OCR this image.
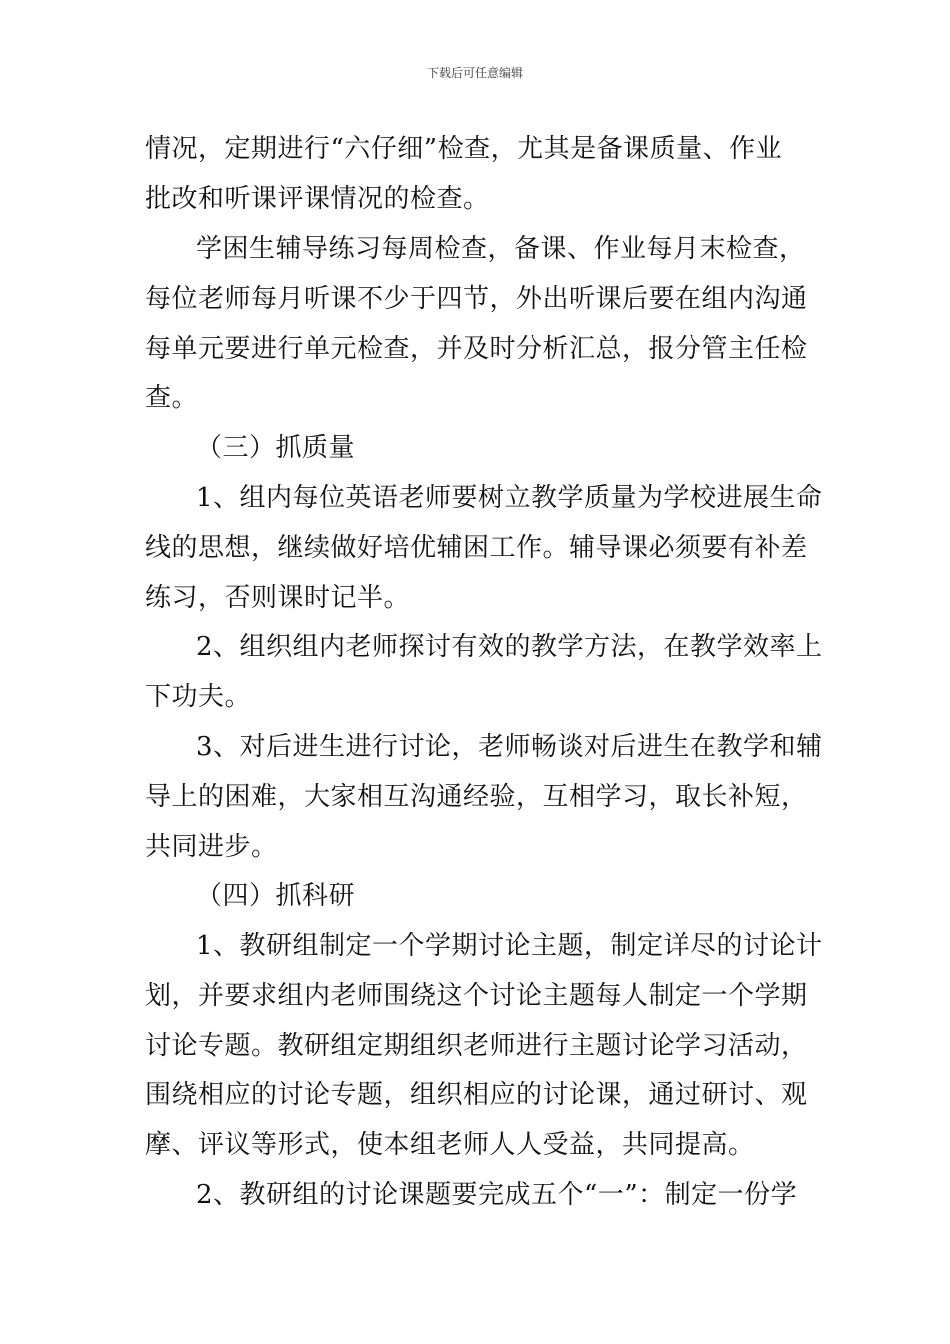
下载后可任意编辑
情况，定期进行“六仔细”检查，尤其是备课质量、作业
批改和听课评课情况的检查。
学困生辅导练习每周检查，备课、作业每月末检查，
每位老师每月听课不少于四节，外出听课后要在组内沟通
每单元要进行单元检查，并及时分析汇总，报分管主任检
查。
（三）抓质量
1、组内每位英语老师要树立教学质量为学校进展生命
线的思想，继续做好培优辅困工作。辅导课必须要有补差
练习，否则课时记半。
2、组织组内老师探讨有效的教学方法，在教学效率上
下功夫。
3、对后进生进行讨论，老师畅谈对后进生在教学和辅
导上的困难，大家相互沟通经验，互相学习，取长补短，
共同进步。
（四）抓科研
1、教研组制定一个学期讨论主题，制定详尽的讨论计
划，并要求组内老师围绕这个讨论主题每人制定一个学期
讨论专题。教研组定期组织老师进行主题讨论学习活动，
围绕相应的讨论专题，组织相应的讨论课，通过研讨、观
摩、评议等形式，使本组老师人人受益，共同提高。
2、教研组的讨论课题要完成五个“一”：制定一份学
